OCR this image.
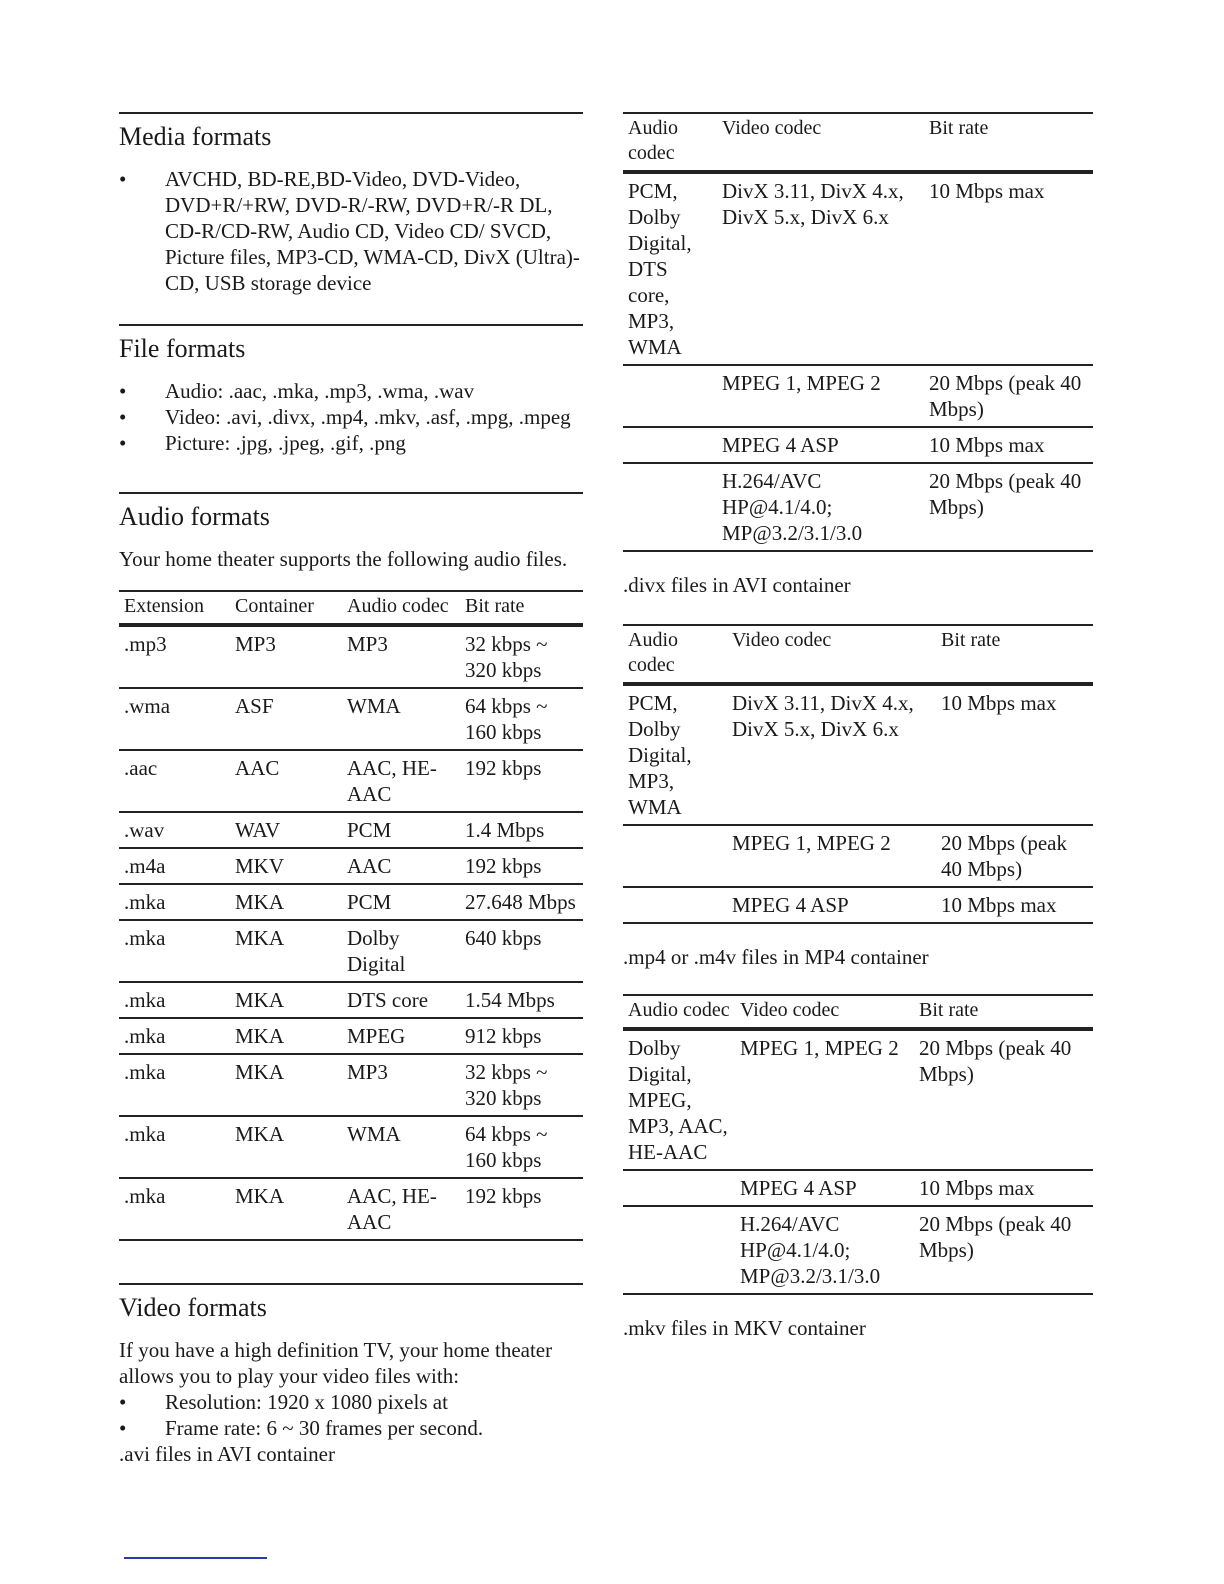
Media formats
• AVCHD, BD-RE,BD-Video, DVD-Video, DVD+R/+RW, DVD-R/-RW, DVD+R/-R DL, CD-R/CD-RW, Audio CD, Video CD/ SVCD, Picture files, MP3-CD, WMA-CD, DivX (Ultra)-CD, USB storage device
File formats
• Audio: .aac, .mka, .mp3, .wma, .wav
• Video: .avi, .divx, .mp4, .mkv, .asf, .mpg, .mpeg
• Picture: .jpg, .jpeg, .gif, .png
Audio formats

Your home theater supports the following audio files.

Extension	Container	Audio codec	Bit rate
.mp3	MP3	MP3	32 kbps ~ 320 kbps
.wma	ASF	WMA	64 kbps ~ 160 kbps
.aac	AAC	AAC, HE-AAC	192 kbps
.wav	WAV	PCM	1.4 Mbps
.m4a	MKV	AAC	192 kbps
.mka	MKA	PCM	27.648 Mbps
.mka	MKA	Dolby Digital	640 kbps
.mka	MKA	DTS core	1.54 Mbps
.mka	MKA	MPEG	912 kbps
.mka	MKA	MP3	32 kbps ~ 320 kbps
.mka	MKA	WMA	64 kbps ~ 160 kbps
.mka	MKA	AAC, HE-AAC	192 kbps
Video formats

If you have a high definition TV, your home theater allows you to play your video files with:

• Resolution: 1920 x 1080 pixels at
• Frame rate: 6 ~ 30 frames per second.

.avi files in AVI container

Audio codec	Video codec	Bit rate
PCM, Dolby Digital, DTS core, MP3, WMA	DivX 3.11, DivX 4.x, DivX 5.x, DivX 6.x	10 Mbps max
	MPEG 1, MPEG 2	20 Mbps (peak 40 Mbps)
	MPEG 4 ASP	10 Mbps max
	H.264/AVC HP@4.1/4.0; MP@3.2/3.1/3.0	20 Mbps (peak 40 Mbps)

.divx files in AVI container

Audio codec	Video codec	Bit rate
PCM, Dolby Digital, MP3, WMA	DivX 3.11, DivX 4.x, DivX 5.x, DivX 6.x	10 Mbps max
	MPEG 1, MPEG 2	20 Mbps (peak 40 Mbps)
	MPEG 4 ASP	10 Mbps max

.mp4 or .m4v files in MP4 container

Audio codec	Video codec	Bit rate
Dolby Digital, MPEG, MP3, AAC, HE-AAC	MPEG 1, MPEG 2	20 Mbps (peak 40 Mbps)
	MPEG 4 ASP	10 Mbps max
	H.264/AVC HP@4.1/4.0; MP@3.2/3.1/3.0	20 Mbps (peak 40 Mbps)

.mkv files in MKV container
